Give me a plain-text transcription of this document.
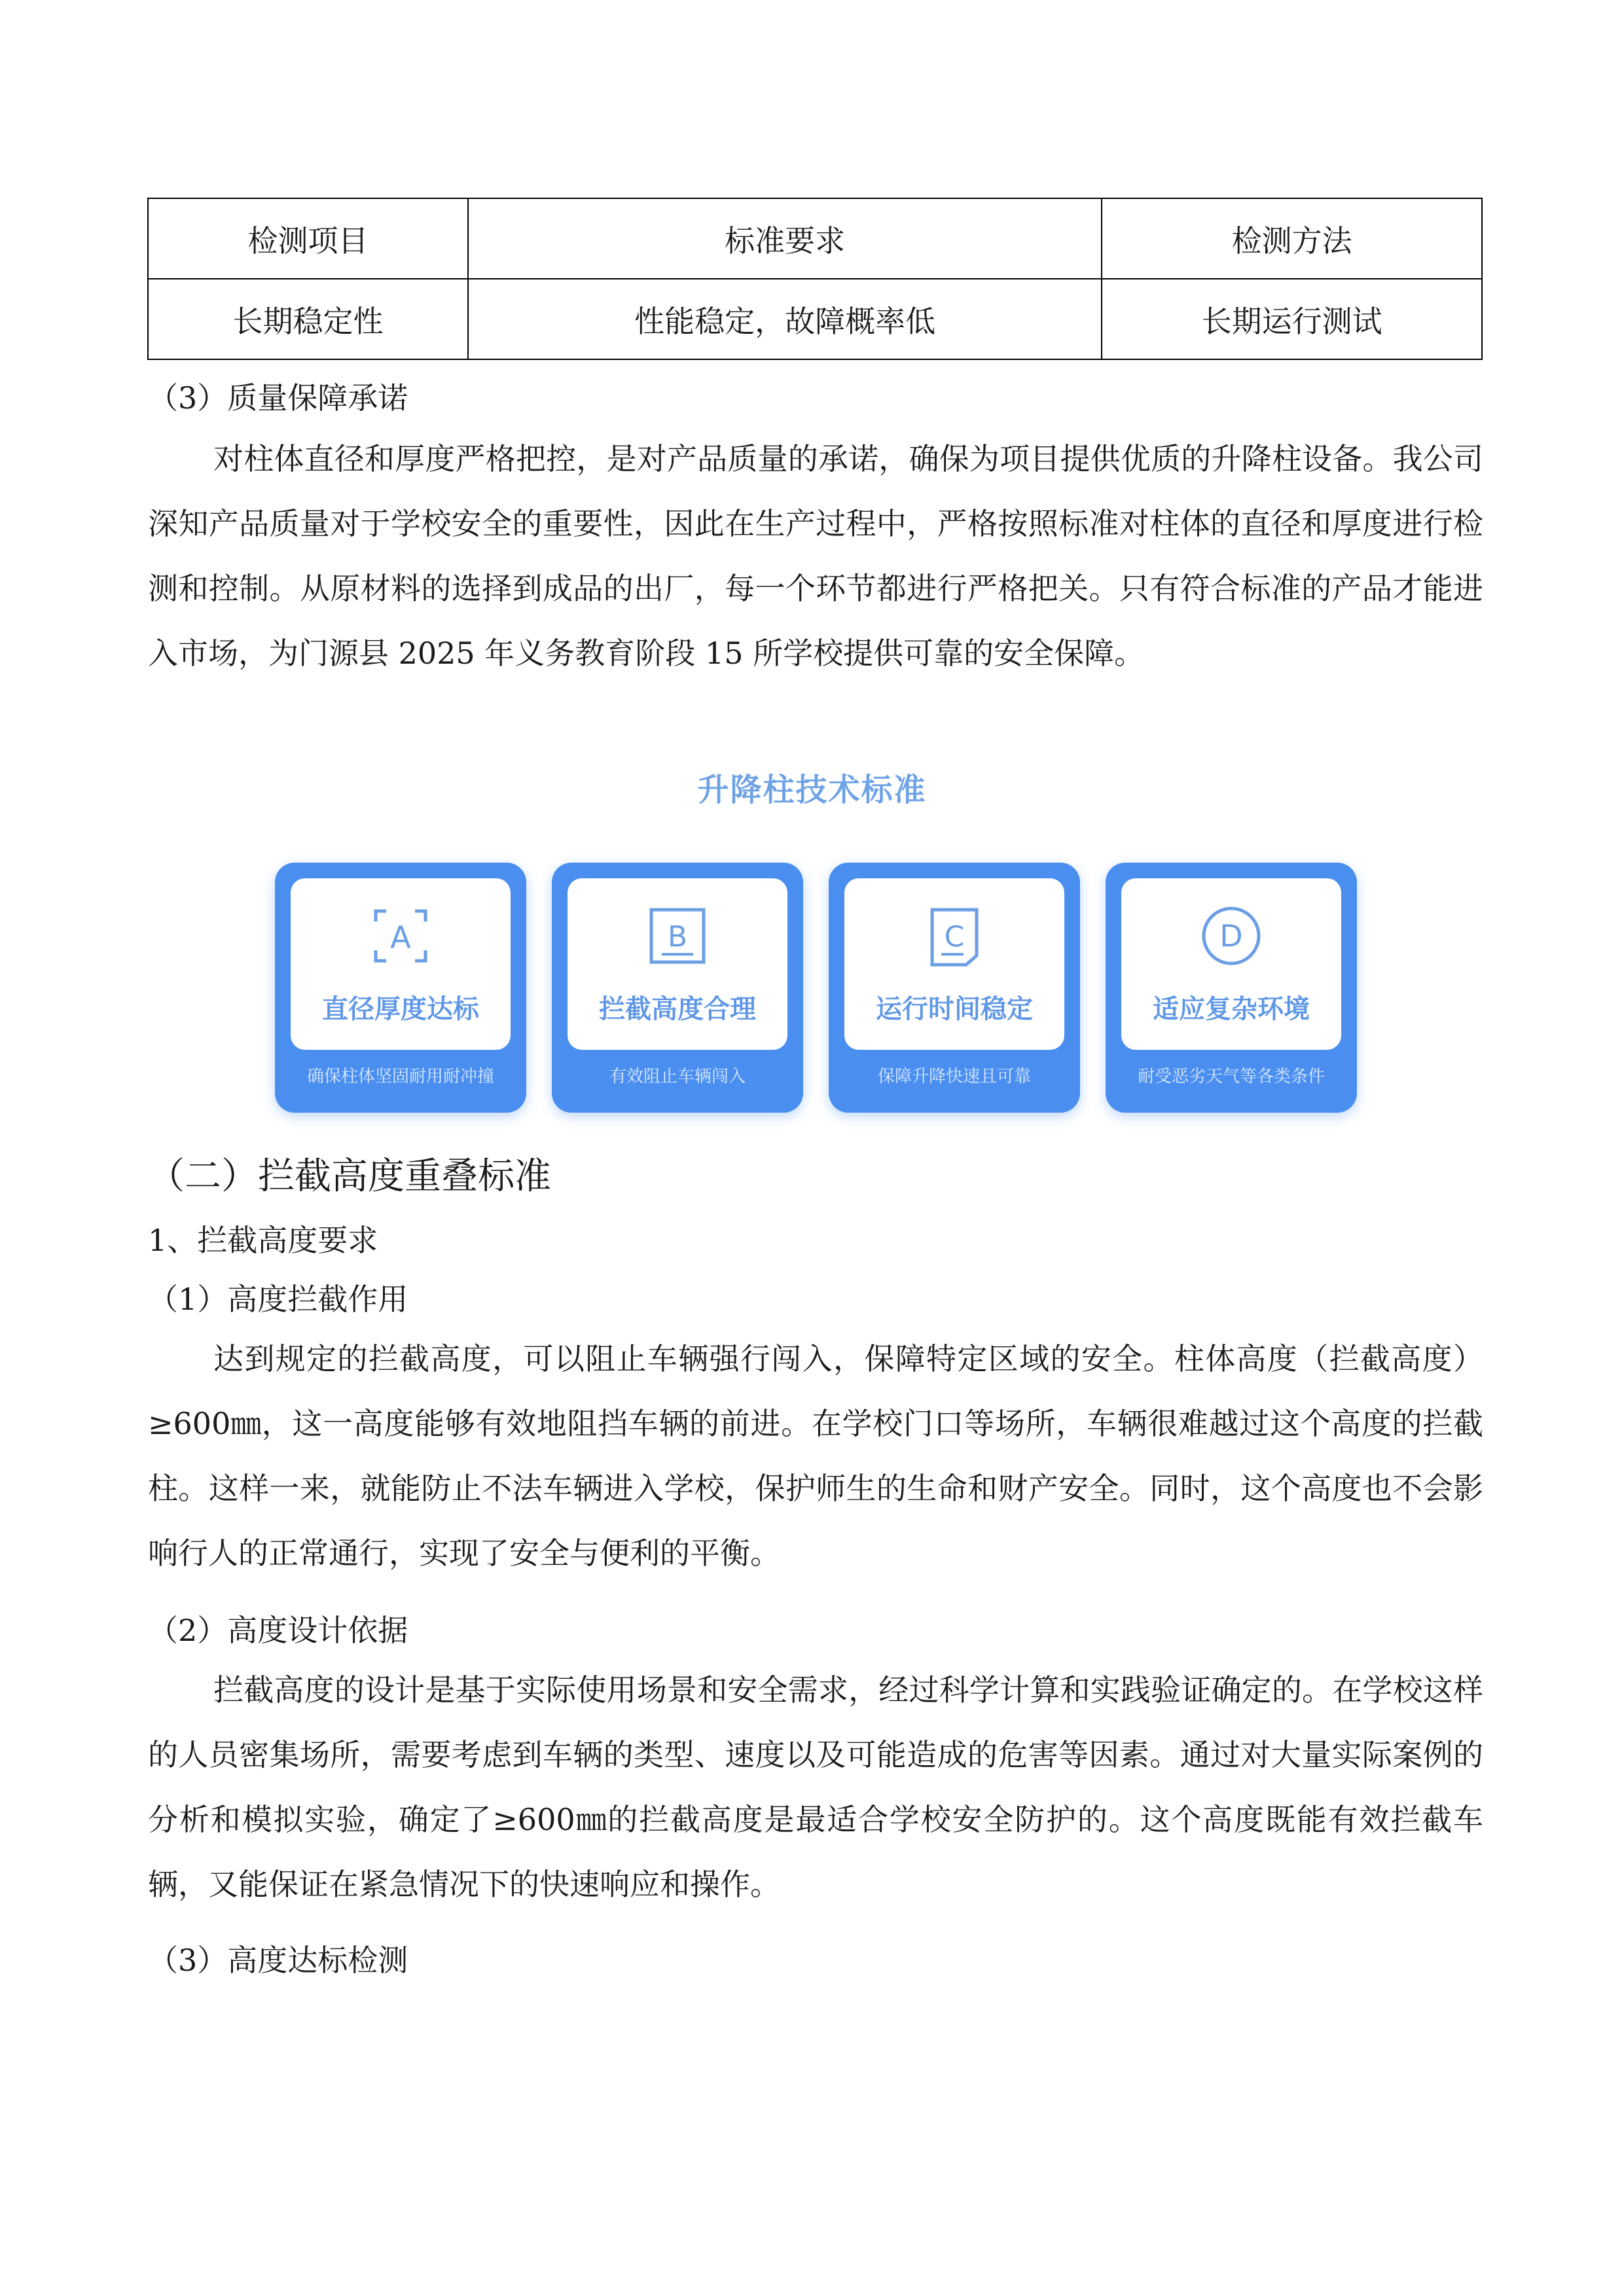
检测项目	标准要求	检测方法
长期稳定性	性能稳定，故障概率低	长期运行测试
（3）质量保障承诺

对柱体直径和厚度严格把控，是对产品质量的承诺，确保为项目提供优质的升降柱设备。我公司深知产品质量对于学校安全的重要性，因此在生产过程中，严格按照标准对柱体的直径和厚度进行检测和控制。从原材料的选择到成品的出厂，每一个环节都进行严格把关。只有符合标准的产品才能进入市场，为门源县 2025 年义务教育阶段 15 所学校提供可靠的安全保障。

升降柱技术标准
A
直径厚度达标
确保柱体坚固耐用耐冲撞
B
拦截高度合理
有效阻止车辆闯入
C
运行时间稳定
保障升降快速且可靠
D
适应复杂环境
耐受恶劣天气等各类条件
（二）拦截高度重叠标准
1、拦截高度要求
（1）高度拦截作用

达到规定的拦截高度，可以阻止车辆强行闯入，保障特定区域的安全。柱体高度（拦截高度）≥600㎜，这一高度能够有效地阻挡车辆的前进。在学校门口等场所，车辆很难越过这个高度的拦截柱。这样一来，就能防止不法车辆进入学校，保护师生的生命和财产安全。同时，这个高度也不会影响行人的正常通行，实现了安全与便利的平衡。

（2）高度设计依据

拦截高度的设计是基于实际使用场景和安全需求，经过科学计算和实践验证确定的。在学校这样的人员密集场所，需要考虑到车辆的类型、速度以及可能造成的危害等因素。通过对大量实际案例的分析和模拟实验，确定了≥600㎜的拦截高度是最适合学校安全防护的。这个高度既能有效拦截车辆，又能保证在紧急情况下的快速响应和操作。

（3）高度达标检测
